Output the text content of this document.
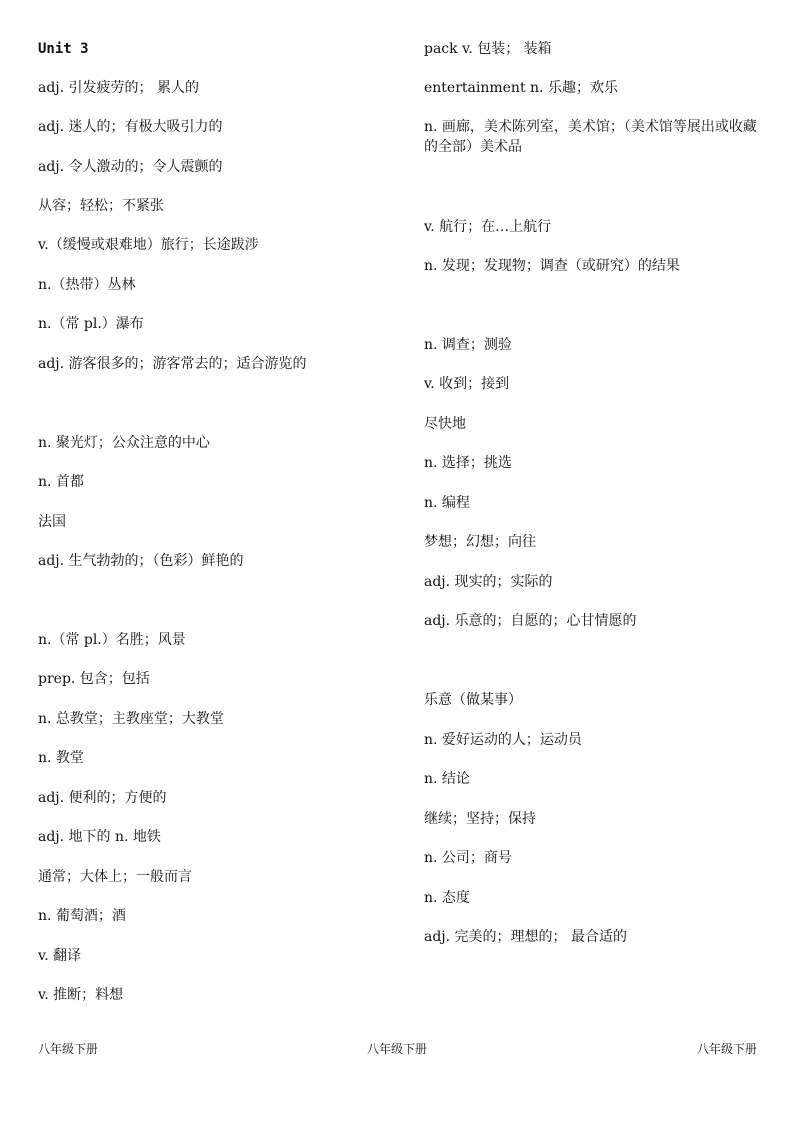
Unit 3
adj. 引发疲劳的； 累人的
adj. 迷人的；有极大吸引力的
adj. 令人激动的；令人震颤的
从容；轻松；不紧张
v.（缓慢或艰难地）旅行；长途跋涉
n.（热带）丛林
n.（常 pl.）瀑布
adj. 游客很多的；游客常去的；适合游览的
n. 聚光灯；公众注意的中心
n. 首都
法国
adj. 生气勃勃的；（色彩）鲜艳的
n.（常 pl.）名胜；风景
prep. 包含；包括
n. 总教堂；主教座堂；大教堂
n. 教堂
adj. 便利的；方便的
adj. 地下的 n. 地铁
通常；大体上；一般而言
n. 葡萄酒；酒
v. 翻译
v. 推断；料想
pack v. 包装； 装箱
entertainment n. 乐趣；欢乐
n. 画廊，美术陈列室，美术馆；（美术馆等展出或收藏的全部）美术品
v. 航行；在…上航行
n. 发现；发现物；调查（或研究）的结果
n. 调查；测验
v. 收到；接到
尽快地
n. 选择；挑选
n. 编程
梦想；幻想；向往
adj. 现实的；实际的
adj. 乐意的；自愿的；心甘情愿的
乐意（做某事）
n. 爱好运动的人；运动员
n. 结论
继续；坚持；保持
n. 公司；商号
n. 态度
adj. 完美的；理想的； 最合适的
八年级下册	八年级下册	八年级下册
